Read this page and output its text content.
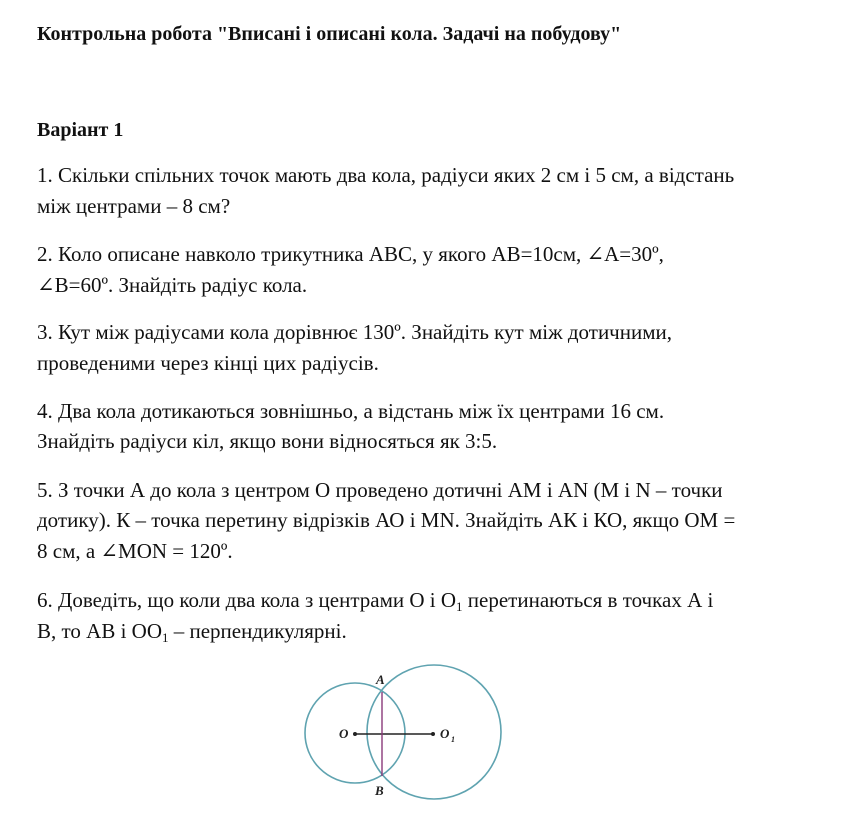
Контрольна робота "Вписані і описані кола. Задачі на побудову"
Варіант 1
1. Скільки спільних точок мають два кола, радіуси яких 2 см і 5 см, а відстань
між центрами – 8 см?
2. Коло описане навколо трикутника АВС, у якого АВ=10см, ∠А=30º,
∠В=60º. Знайдіть радіус кола.
3. Кут між радіусами кола дорівнює 130º. Знайдіть кут між дотичними,
проведеними через кінці цих радіусів.
4. Два кола дотикаються зовнішньо, а відстань між їх центрами 16 см.
Знайдіть радіуси кіл, якщо вони відносяться як 3:5.
5. З точки А до кола з центром О проведено дотичні АМ і АN (M i N – точки
дотику). К – точка перетину відрізків АО і МN. Знайдіть АК і КО, якщо ОМ =
8 см, а ∠MON = 120º.
6. Доведіть, що коли два кола з центрами О і $О_1$ перетинаються в точках А і
В, то АВ і $ОО_1$ – перпендикулярні.
A
B
O	O 1
